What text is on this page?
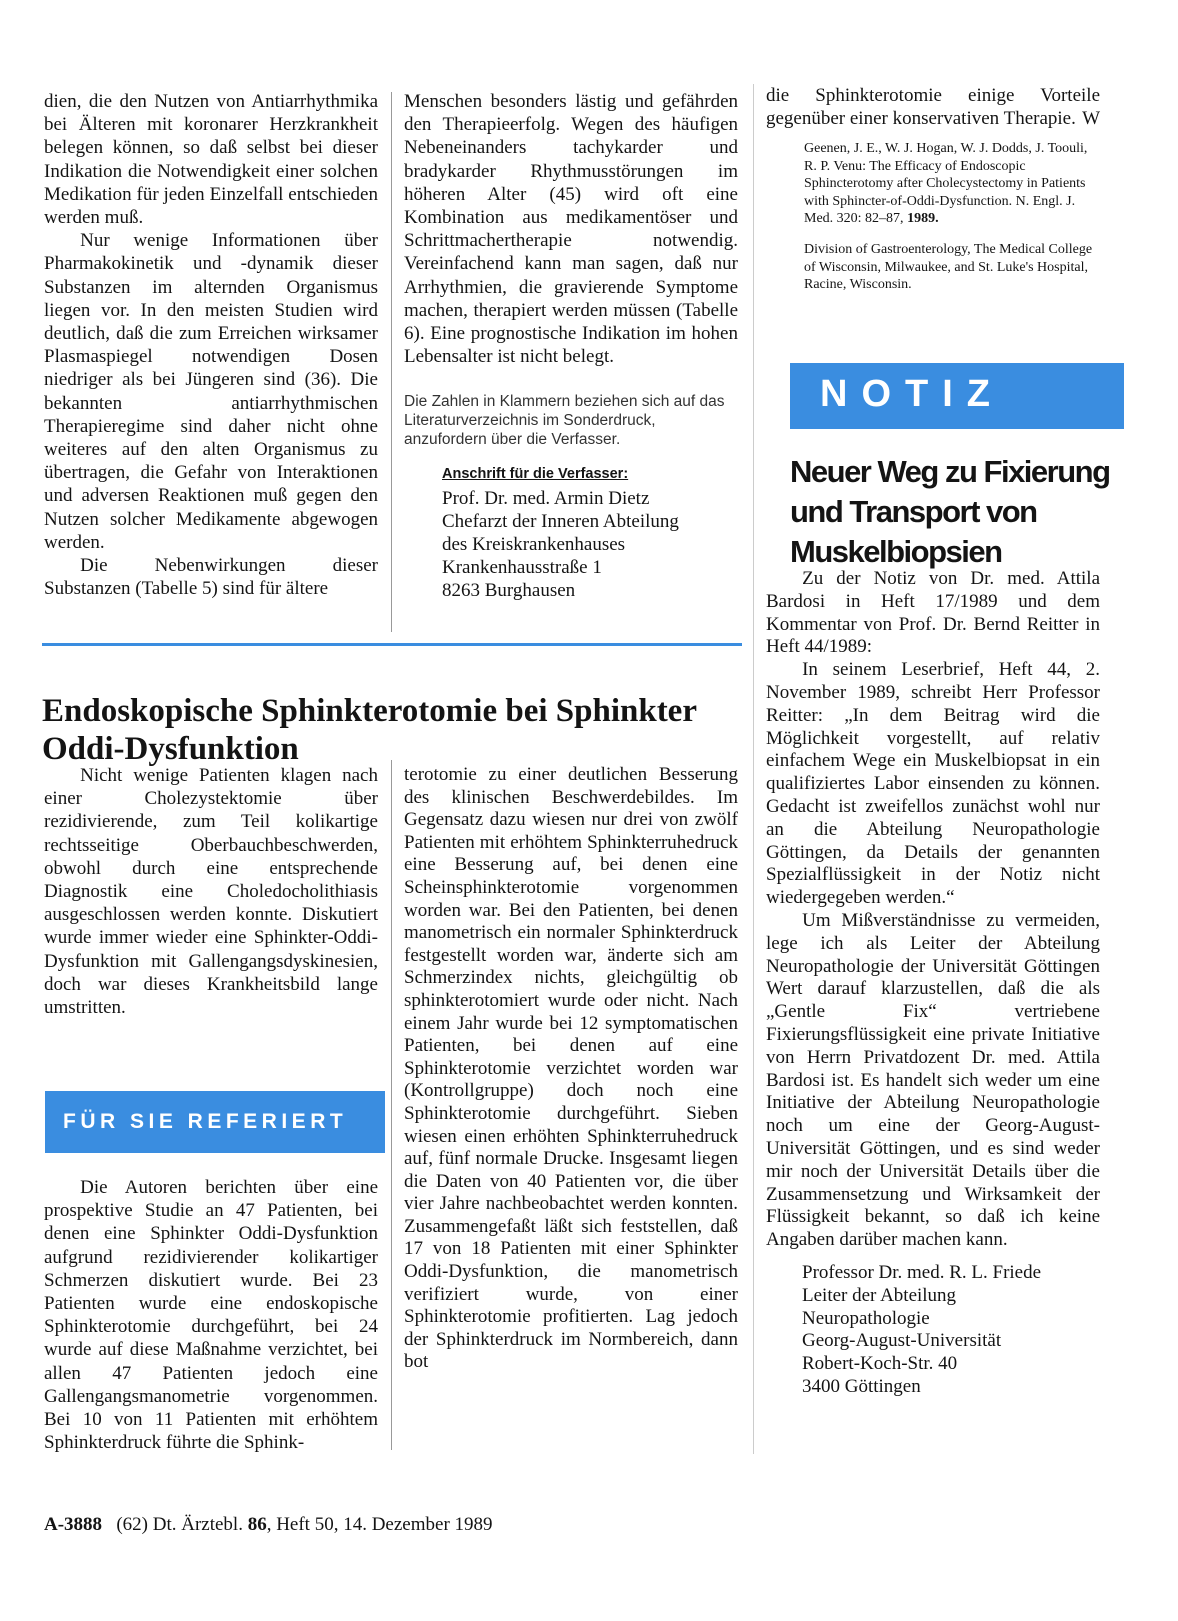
dien, die den Nutzen von Antiarrhythmika bei Älteren mit koronarer Herzkrankheit belegen können, so daß selbst bei dieser Indikation die Notwendigkeit einer solchen Medikation für jeden Einzelfall entschieden werden muß.

Nur wenige Informationen über Pharmakokinetik und -dynamik dieser Substanzen im alternden Organismus liegen vor. In den meisten Studien wird deutlich, daß die zum Erreichen wirksamer Plasmaspiegel notwendigen Dosen niedriger als bei Jüngeren sind (36). Die bekannten antiarrhythmischen Therapieregime sind daher nicht ohne weiteres auf den alten Organismus zu übertragen, die Gefahr von Interaktionen und adversen Reaktionen muß gegen den Nutzen solcher Medikamente abgewogen werden.

Die Nebenwirkungen dieser Substanzen (Tabelle 5) sind für ältere

Menschen besonders lästig und gefährden den Therapieerfolg. Wegen des häufigen Nebeneinanders tachykarder und bradykarder Rhythmusstörungen im höheren Alter (45) wird oft eine Kombination aus medikamentöser und Schrittmachertherapie notwendig. Vereinfachend kann man sagen, daß nur Arrhythmien, die gravierende Symptome machen, therapiert werden müssen (Tabelle 6). Eine prognostische Indikation im hohen Lebensalter ist nicht belegt.

Die Zahlen in Klammern beziehen sich auf das Literaturverzeichnis im Sonderdruck, anzufordern über die Verfasser.

Anschrift für die Verfasser:
Prof. Dr. med. Armin Dietz
Chefarzt der Inneren Abteilung
des Kreiskrankenhauses
Krankenhausstraße 1
8263 Burghausen

die Sphinkterotomie einige Vorteile gegenüber einer konservativen Therapie. W

Geenen, J. E., W. J. Hogan, W. J. Dodds, J. Toouli, R. P. Venu: The Efficacy of Endoscopic Sphincterotomy after Cholecystectomy in Patients with Sphincter-of-Oddi-Dysfunction. N. Engl. J. Med. 320: 82–87, 1989.

Division of Gastroenterology, The Medical College of Wisconsin, Milwaukee, and St. Luke's Hospital, Racine, Wisconsin.

NOTIZ
Neuer Weg zu Fixierung und Transport von Muskelbiopsien

Zu der Notiz von Dr. med. Attila Bardosi in Heft 17/1989 und dem Kommentar von Prof. Dr. Bernd Reitter in Heft 44/1989:

In seinem Leserbrief, Heft 44, 2. November 1989, schreibt Herr Professor Reitter: „In dem Beitrag wird die Möglichkeit vorgestellt, auf relativ einfachem Wege ein Muskelbiopsat in ein qualifiziertes Labor einsenden zu können. Gedacht ist zweifellos zunächst wohl nur an die Abteilung Neuropathologie Göttingen, da Details der genannten Spezialflüssigkeit in der Notiz nicht wiedergegeben werden.“

Um Mißverständnisse zu vermeiden, lege ich als Leiter der Abteilung Neuropathologie der Universität Göttingen Wert darauf klarzustellen, daß die als „Gentle Fix“ vertriebene Fixierungsflüssigkeit eine private Initiative von Herrn Privatdozent Dr. med. Attila Bardosi ist. Es handelt sich weder um eine Initiative der Abteilung Neuropathologie noch um eine der Georg-August-Universität Göttingen, und es sind weder mir noch der Universität Details über die Zusammensetzung und Wirksamkeit der Flüssigkeit bekannt, so daß ich keine Angaben darüber machen kann.

Professor Dr. med. R. L. Friede
Leiter der Abteilung
Neuropathologie
Georg-August-Universität
Robert-Koch-Str. 40
3400 Göttingen
Endoskopische Sphinkterotomie bei Sphinkter Oddi-Dysfunktion

Nicht wenige Patienten klagen nach einer Cholezystektomie über rezidivierende, zum Teil kolikartige rechtsseitige Oberbauchbeschwerden, obwohl durch eine entsprechende Diagnostik eine Choledocholithiasis ausgeschlossen werden konnte. Diskutiert wurde immer wieder eine Sphinkter-Oddi-Dysfunktion mit Gallengangsdyskinesien, doch war dieses Krankheitsbild lange umstritten.

FÜR SIE REFERIERT

Die Autoren berichten über eine prospektive Studie an 47 Patienten, bei denen eine Sphinkter Oddi-Dysfunktion aufgrund rezidivierender kolikartiger Schmerzen diskutiert wurde. Bei 23 Patienten wurde eine endoskopische Sphinkterotomie durchgeführt, bei 24 wurde auf diese Maßnahme verzichtet, bei allen 47 Patienten jedoch eine Gallengangsmanometrie vorgenommen. Bei 10 von 11 Patienten mit erhöhtem Sphinkterdruck führte die Sphink-

terotomie zu einer deutlichen Besserung des klinischen Beschwerdebildes. Im Gegensatz dazu wiesen nur drei von zwölf Patienten mit erhöhtem Sphinkterruhedruck eine Besserung auf, bei denen eine Scheinsphinkterotomie vorgenommen worden war. Bei den Patienten, bei denen manometrisch ein normaler Sphinkterdruck festgestellt worden war, änderte sich am Schmerzindex nichts, gleichgültig ob sphinkterotomiert wurde oder nicht. Nach einem Jahr wurde bei 12 symptomatischen Patienten, bei denen auf eine Sphinkterotomie verzichtet worden war (Kontrollgruppe) doch noch eine Sphinkterotomie durchgeführt. Sieben wiesen einen erhöhten Sphinkterruhedruck auf, fünf normale Drucke. Insgesamt liegen die Daten von 40 Patienten vor, die über vier Jahre nachbeobachtet werden konnten. Zusammengefaßt läßt sich feststellen, daß 17 von 18 Patienten mit einer Sphinkter Oddi-Dysfunktion, die manometrisch verifiziert wurde, von einer Sphinkterotomie profitierten. Lag jedoch der Sphinkterdruck im Normbereich, dann bot

A-3888 (62) Dt. Ärztebl. 86, Heft 50, 14. Dezember 1989
